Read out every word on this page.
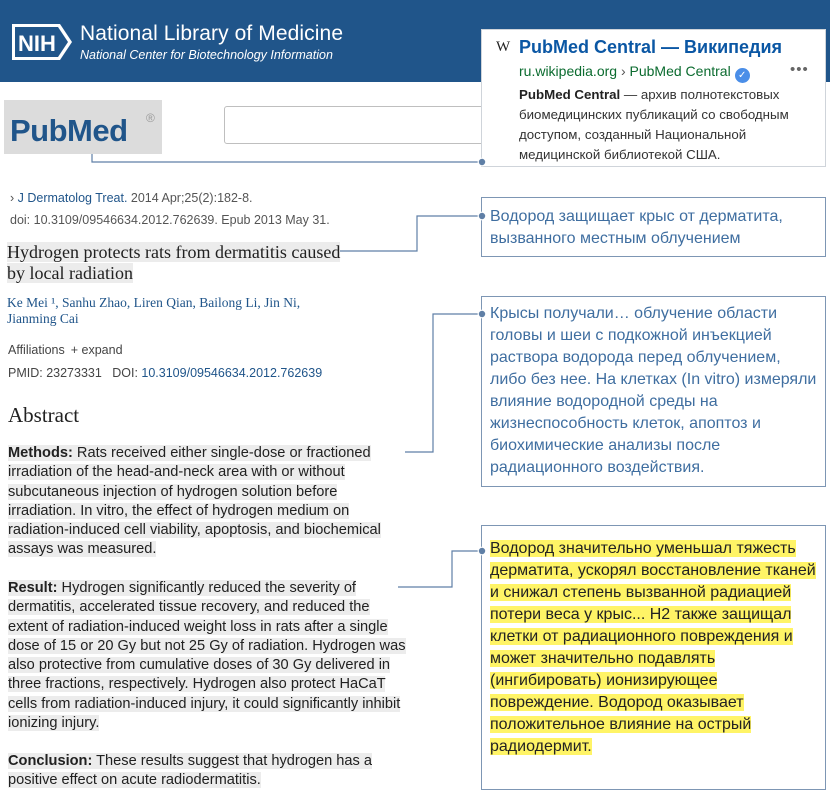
NIH National Library of Medicine
National Center for Biotechnology Information
PubMed ®
W PubMed Central — Википедия
ru.wikipedia.org › PubMed Central ✓	•••
PubMed Central — архив полнотекстовых биомедицинских публикаций со свободным доступом, созданный Национальной медицинской библиотекой США.
› J Dermatolog Treat. 2014 Apr;25(2):182-8.
doi: 10.3109/09546634.2012.762639. Epub 2013 May 31.
Hydrogen protects rats from dermatitis caused by local radiation
Ke Mei ¹, Sanhu Zhao, Liren Qian, Bailong Li, Jin Ni, Jianming Cai
Affiliations + expand
PMID: 23273331 DOI: 10.3109/09546634.2012.762639
Abstract
Methods: Rats received either single-dose or fractioned irradiation of the head-and-neck area with or without subcutaneous injection of hydrogen solution before irradiation. In vitro, the effect of hydrogen medium on radiation-induced cell viability, apoptosis, and biochemical assays was measured.
Result: Hydrogen significantly reduced the severity of dermatitis, accelerated tissue recovery, and reduced the extent of radiation-induced weight loss in rats after a single dose of 15 or 20 Gy but not 25 Gy of radiation. Hydrogen was also protective from cumulative doses of 30 Gy delivered in three fractions, respectively. Hydrogen also protect HaCaT cells from radiation-induced injury, it could significantly inhibit ionizing injury.
Conclusion: These results suggest that hydrogen has a positive effect on acute radiodermatitis.
Водород защищает крыс от дерматита, вызванного местным облучением
Крысы получали… облучение области головы и шеи с подкожной инъекцией раствора водорода перед облучением, либо без нее. На клетках (In vitro) измеряли влияние водородной среды на жизнеспособность клеток, апоптоз и биохимические анализы после радиационного воздействия.
Водород значительно уменьшал тяжесть дерматита, ускорял восстановление тканей и снижал степень вызванной радиацией потери веса у крыс... H2 также защищал клетки от радиационного повреждения и может значительно подавлять (ингибировать) ионизирующее повреждение. Водород оказывает положительное влияние на острый радиодермит.
